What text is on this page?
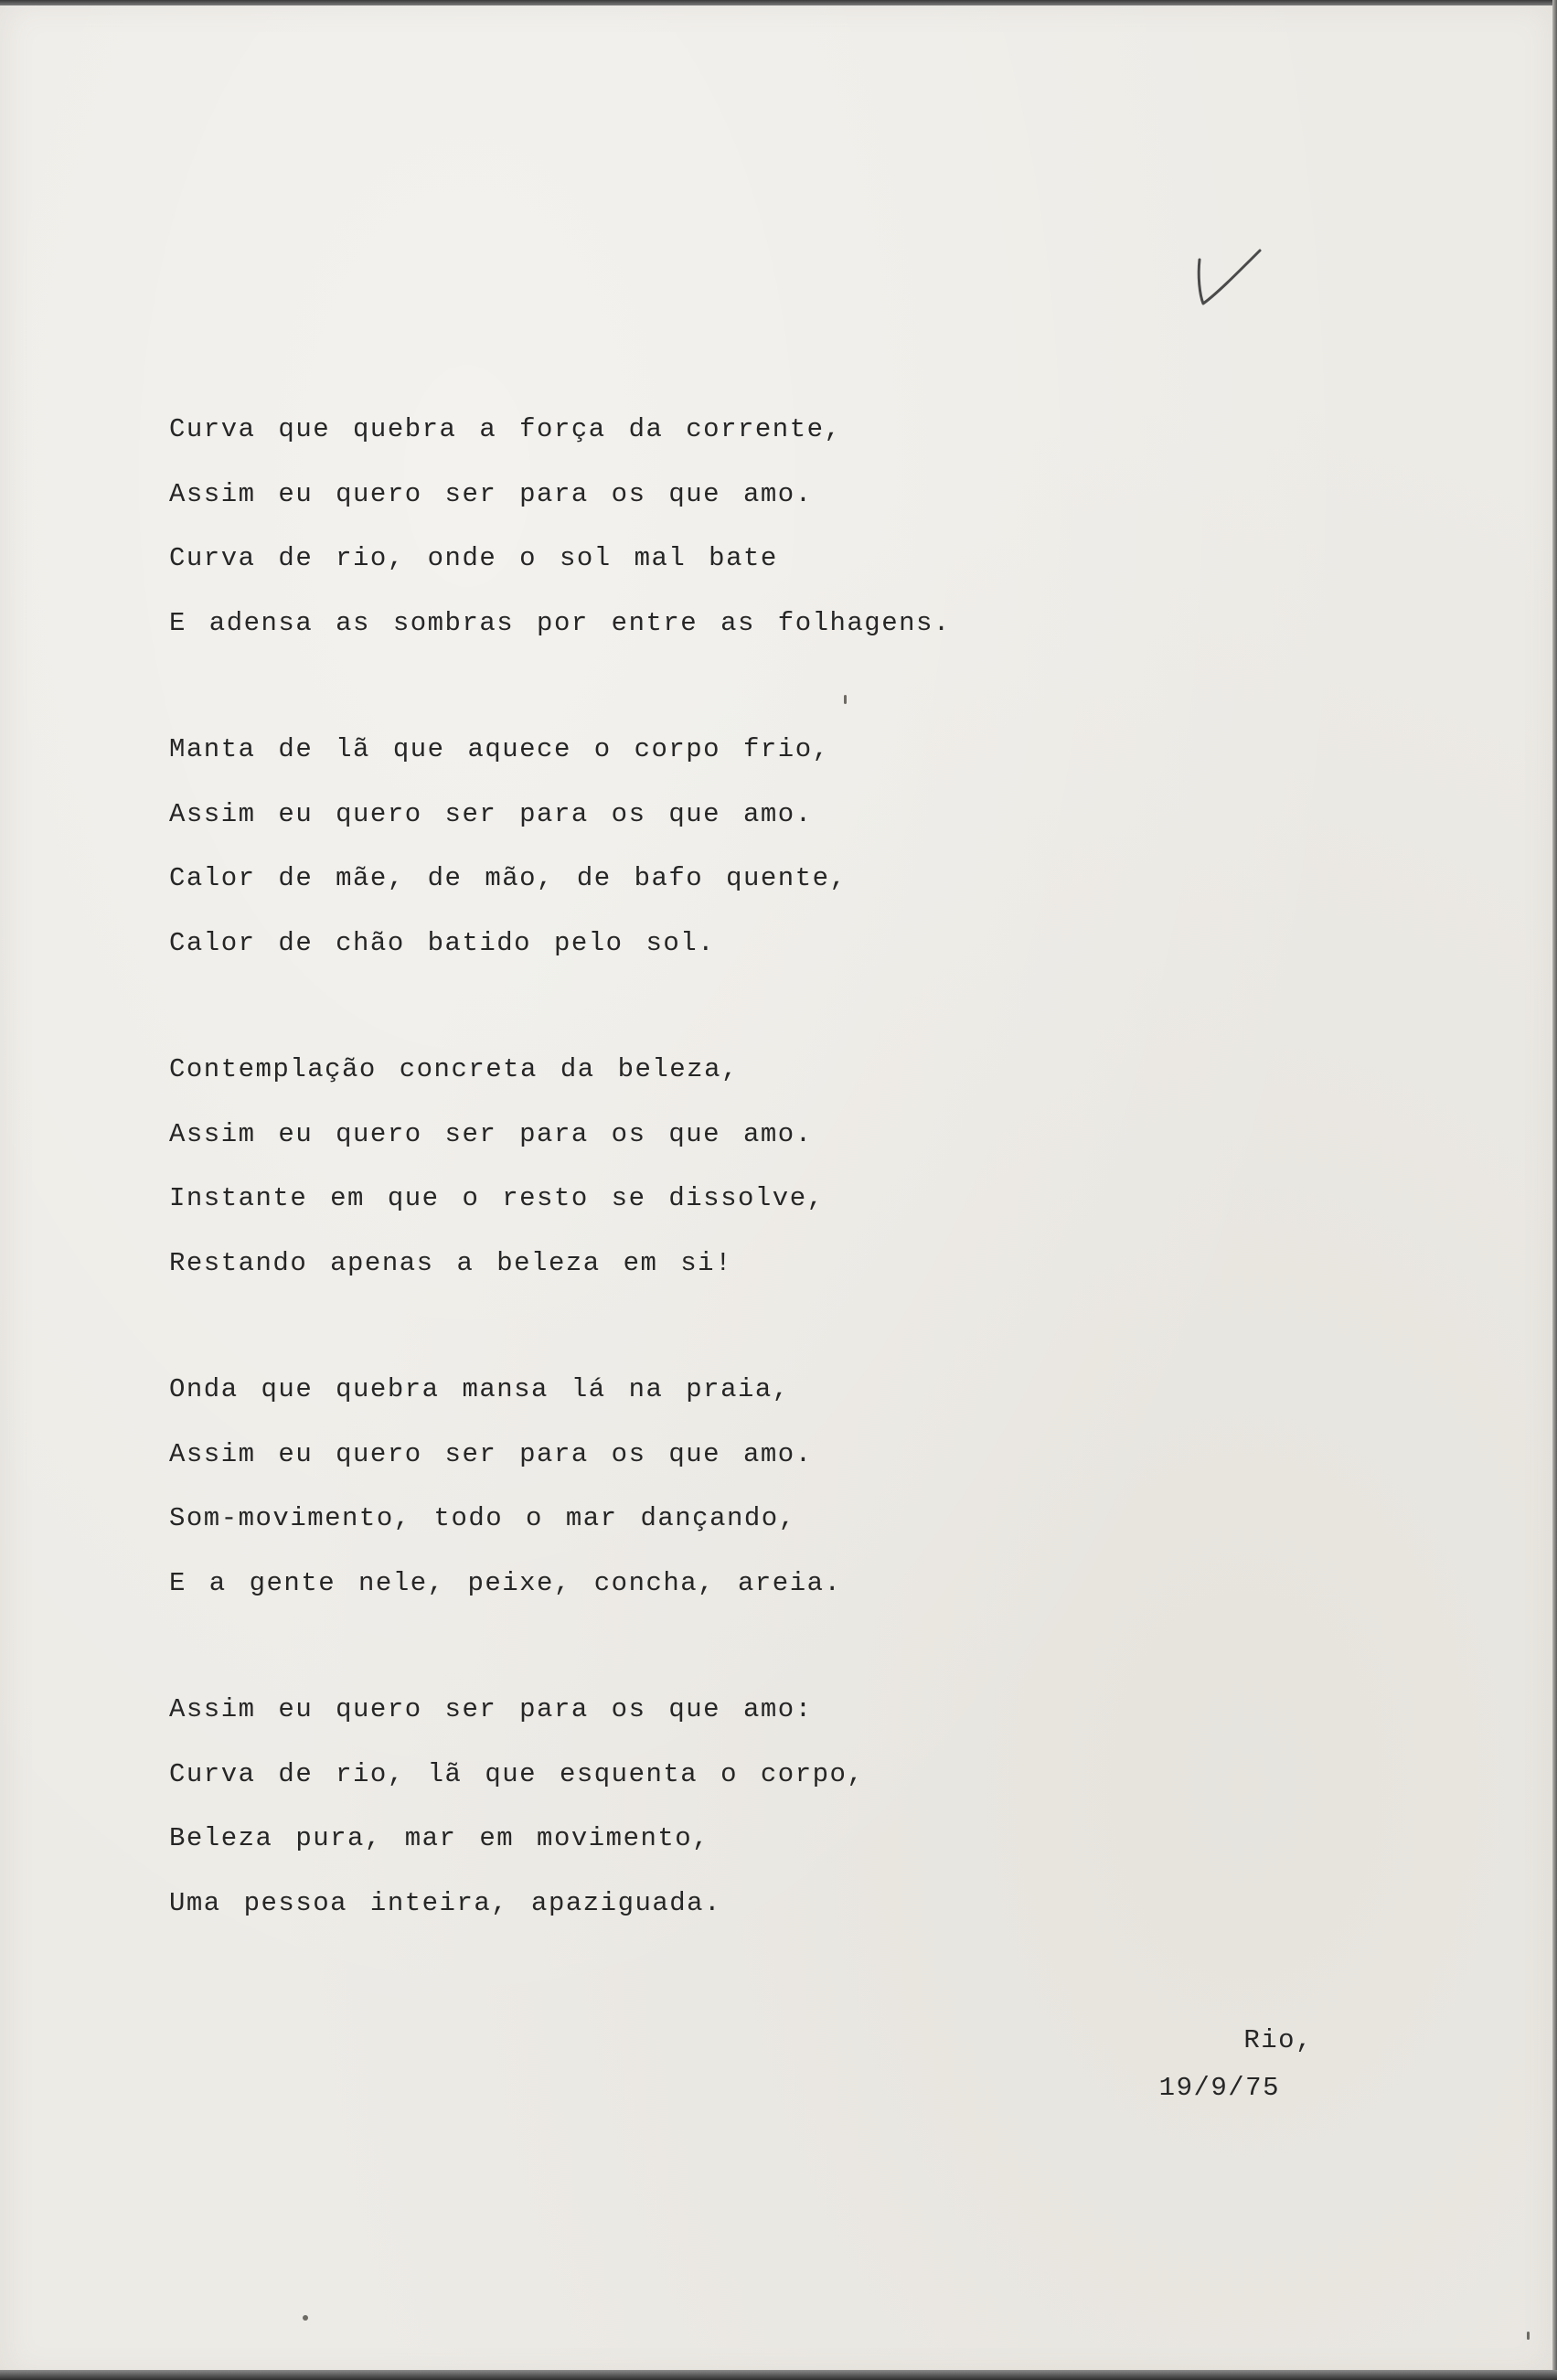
Curva que quebra a força da corrente,
Assim eu quero ser para os que amo.
Curva de rio, onde o sol mal bate
E adensa as sombras por entre as folhagens.
Manta de lã que aquece o corpo frio,
Assim eu quero ser para os que amo.
Calor de mãe, de mão, de bafo quente,
Calor de chão batido pelo sol.
Contemplação concreta da beleza,
Assim eu quero ser para os que amo.
Instante em que o resto se dissolve,
Restando apenas a beleza em si!
Onda que quebra mansa lá na praia,
Assim eu quero ser para os que amo.
Som-movimento, todo o mar dançando,
E a gente nele, peixe, concha, areia.
Assim eu quero ser para os que amo:
Curva de rio, lã que esquenta o corpo,
Beleza pura, mar em movimento,
Uma pessoa inteira, apaziguada.
Rio,
19/9/75
